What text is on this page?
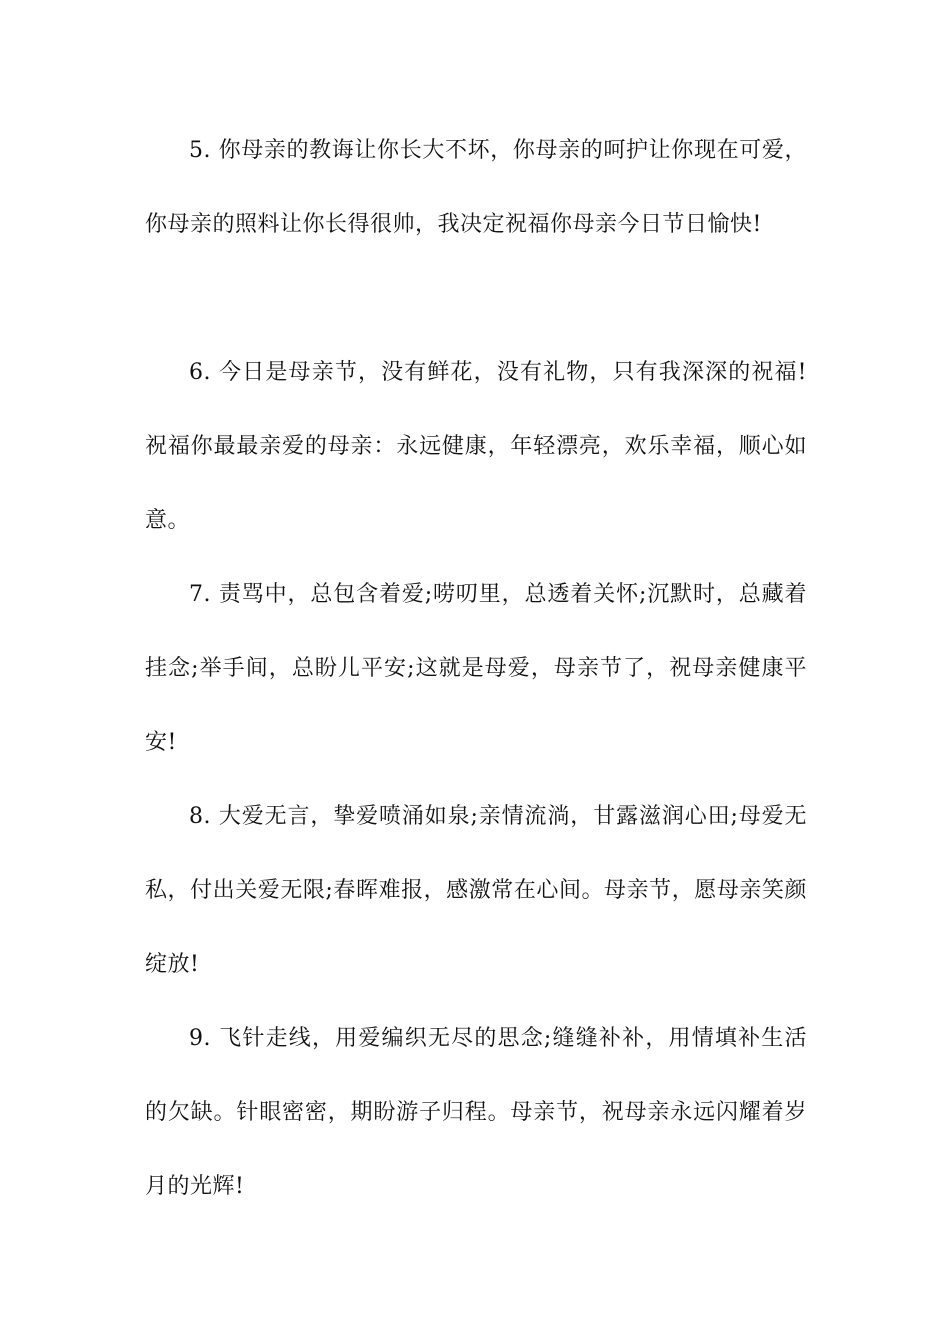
5. 你母亲的教诲让你长大不坏，你母亲的呵护让你现在可爱，你母亲的照料让你长得很帅，我决定祝福你母亲今日节日愉快!

6. 今日是母亲节，没有鲜花，没有礼物，只有我深深的祝福!祝福你最最亲爱的母亲：永远健康，年轻漂亮，欢乐幸福，顺心如意。

7. 责骂中，总包含着爱;唠叨里，总透着关怀;沉默时，总藏着挂念;举手间，总盼儿平安;这就是母爱，母亲节了，祝母亲健康平安!

8. 大爱无言，挚爱喷涌如泉;亲情流淌，甘露滋润心田;母爱无私，付出关爱无限;春晖难报，感激常在心间。母亲节，愿母亲笑颜绽放!

9. 飞针走线，用爱编织无尽的思念;缝缝补补，用情填补生活的欠缺。针眼密密，期盼游子归程。母亲节，祝母亲永远闪耀着岁月的光辉!
